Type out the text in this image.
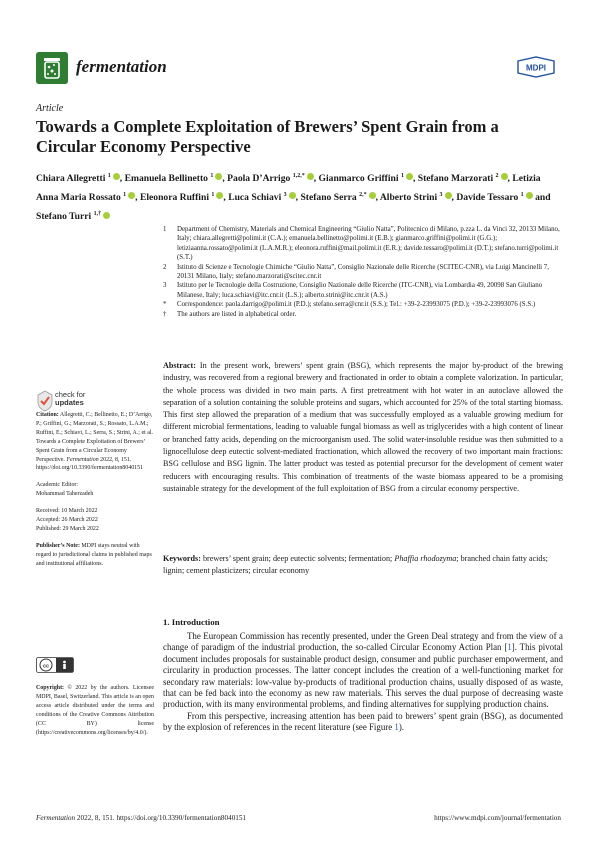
fermentation	MDPI
Article
Towards a Complete Exploitation of Brewers’ Spent Grain from a Circular Economy Perspective
Chiara Allegretti $^1$ , Emanuela Bellinetto $^1$ , Paola D’Arrigo $^{1,2,*}$ , Gianmarco Griffini $^1$ , Stefano Marzorati $^2$ , Letizia Anna Maria Rossato $^1$ , Eleonora Ruffini $^1$ , Luca Schiavi $^3$ , Stefano Serra $^{2,*}$ , Alberto Strini $^3$ , Davide Tessaro $^1$ and Stefano Turri $^{1,\dagger}$
1	Department of Chemistry, Materials and Chemical Engineering “Giulio Natta”, Politecnico di Milano, p.zza L. da Vinci 32, 20133 Milano, Italy; chiara.allegretti@polimi.it (C.A.); emanuela.bellinetto@polimi.it (E.B.); gianmarco.griffini@polimi.it (G.G.); letiziaanna.rossato@polimi.it (L.A.M.R.); eleonora.ruffini@mail.polimi.it (E.R.); davide.tessaro@polimi.it (D.T.); stefano.turri@polimi.it (S.T.)
2	Istituto di Scienze e Tecnologie Chimiche “Giulio Natta”, Consiglio Nazionale delle Ricerche (SCITEC-CNR), via Luigi Mancinelli 7, 20131 Milano, Italy; stefano.marzorati@scitec.cnr.it
3	Istituto per le Tecnologie della Costruzione, Consiglio Nazionale delle Ricerche (ITC-CNR), via Lombardia 49, 20098 San Giuliano Milanese, Italy; luca.schiavi@itc.cnr.it (L.S.); alberto.strini@itc.cnr.it (A.S.)
*	Correspondence: paola.darrigo@polimi.it (P.D.); stefano.serra@cnr.it (S.S.); Tel.: +39-2-23993075 (P.D.); +39-2-23993076 (S.S.)
†	The authors are listed in alphabetical order.
Abstract: In the present work, brewers’ spent grain (BSG), which represents the major by-product of the brewing industry, was recovered from a regional brewery and fractionated in order to obtain a complete valorization. In particular, the whole process was divided in two main parts. A first pretreatment with hot water in an autoclave allowed the separation of a solution containing the soluble proteins and sugars, which accounted for 25% of the total starting biomass. This first step allowed the preparation of a medium that was successfully employed as a valuable growing medium for different microbial fermentations, leading to valuable fungal biomass as well as triglycerides with a high content of linear or branched fatty acids, depending on the microorganism used. The solid water-insoluble residue was then submitted to a lignocellulose deep eutectic solvent-mediated fractionation, which allowed the recovery of two important main fractions: BSG cellulose and BSG lignin. The latter product was tested as potential precursor for the development of cement water reducers with encouraging results. This combination of treatments of the waste biomass appeared to be a promising sustainable strategy for the development of the full exploitation of BSG from a circular economy perspective.
Keywords: brewers’ spent grain; deep eutectic solvents; fermentation; Phaffia rhodozyma; branched chain fatty acids; lignin; cement plasticizers; circular economy
check for
updates

Citation: Allegretti, C.; Bellinetto, E.; D’Arrigo, P.; Griffini, G.; Marzorati, S.; Rossato, L.A.M.; Ruffini, E.; Schiavi, L.; Serra, S.; Strini, A.; et al. Towards a Complete Exploitation of Brewers’ Spent Grain from a Circular Economy Perspective. Fermentation 2022, 8, 151. https://doi.org/10.3390/fermentation8040151

Academic Editor:
Mohammad Taherzadeh

Received: 10 March 2022
Accepted: 26 March 2022
Published: 29 March 2022

Publisher’s Note: MDPI stays neutral with regard to jurisdictional claims in published maps and institutional affiliations.

cc
Copyright: © 2022 by the authors. Licensee MDPI, Basel, Switzerland. This article is an open access article distributed under the terms and conditions of the Creative Commons Attribution (CC BY) license (https://creativecommons.org/licenses/by/4.0/).
1. Introduction

The European Commission has recently presented, under the Green Deal strategy and from the view of a change of paradigm of the industrial production, the so-called Circular Economy Action Plan [1]. This pivotal document includes proposals for sustainable product design, consumer and public purchaser empowerment, and circularity in production processes. The latter concept includes the creation of a well-functioning market for secondary raw materials: low-value by-products of traditional production chains, usually disposed of as waste, that can be fed back into the economy as new raw materials. This serves the dual purpose of decreasing waste production, with its many environmental problems, and finding alternatives for supplying production chains.

From this perspective, increasing attention has been paid to brewers’ spent grain (BSG), as documented by the explosion of references in the recent literature (see Figure 1).

Fermentation 2022, 8, 151. https://doi.org/10.3390/fermentation8040151	https://www.mdpi.com/journal/fermentation
